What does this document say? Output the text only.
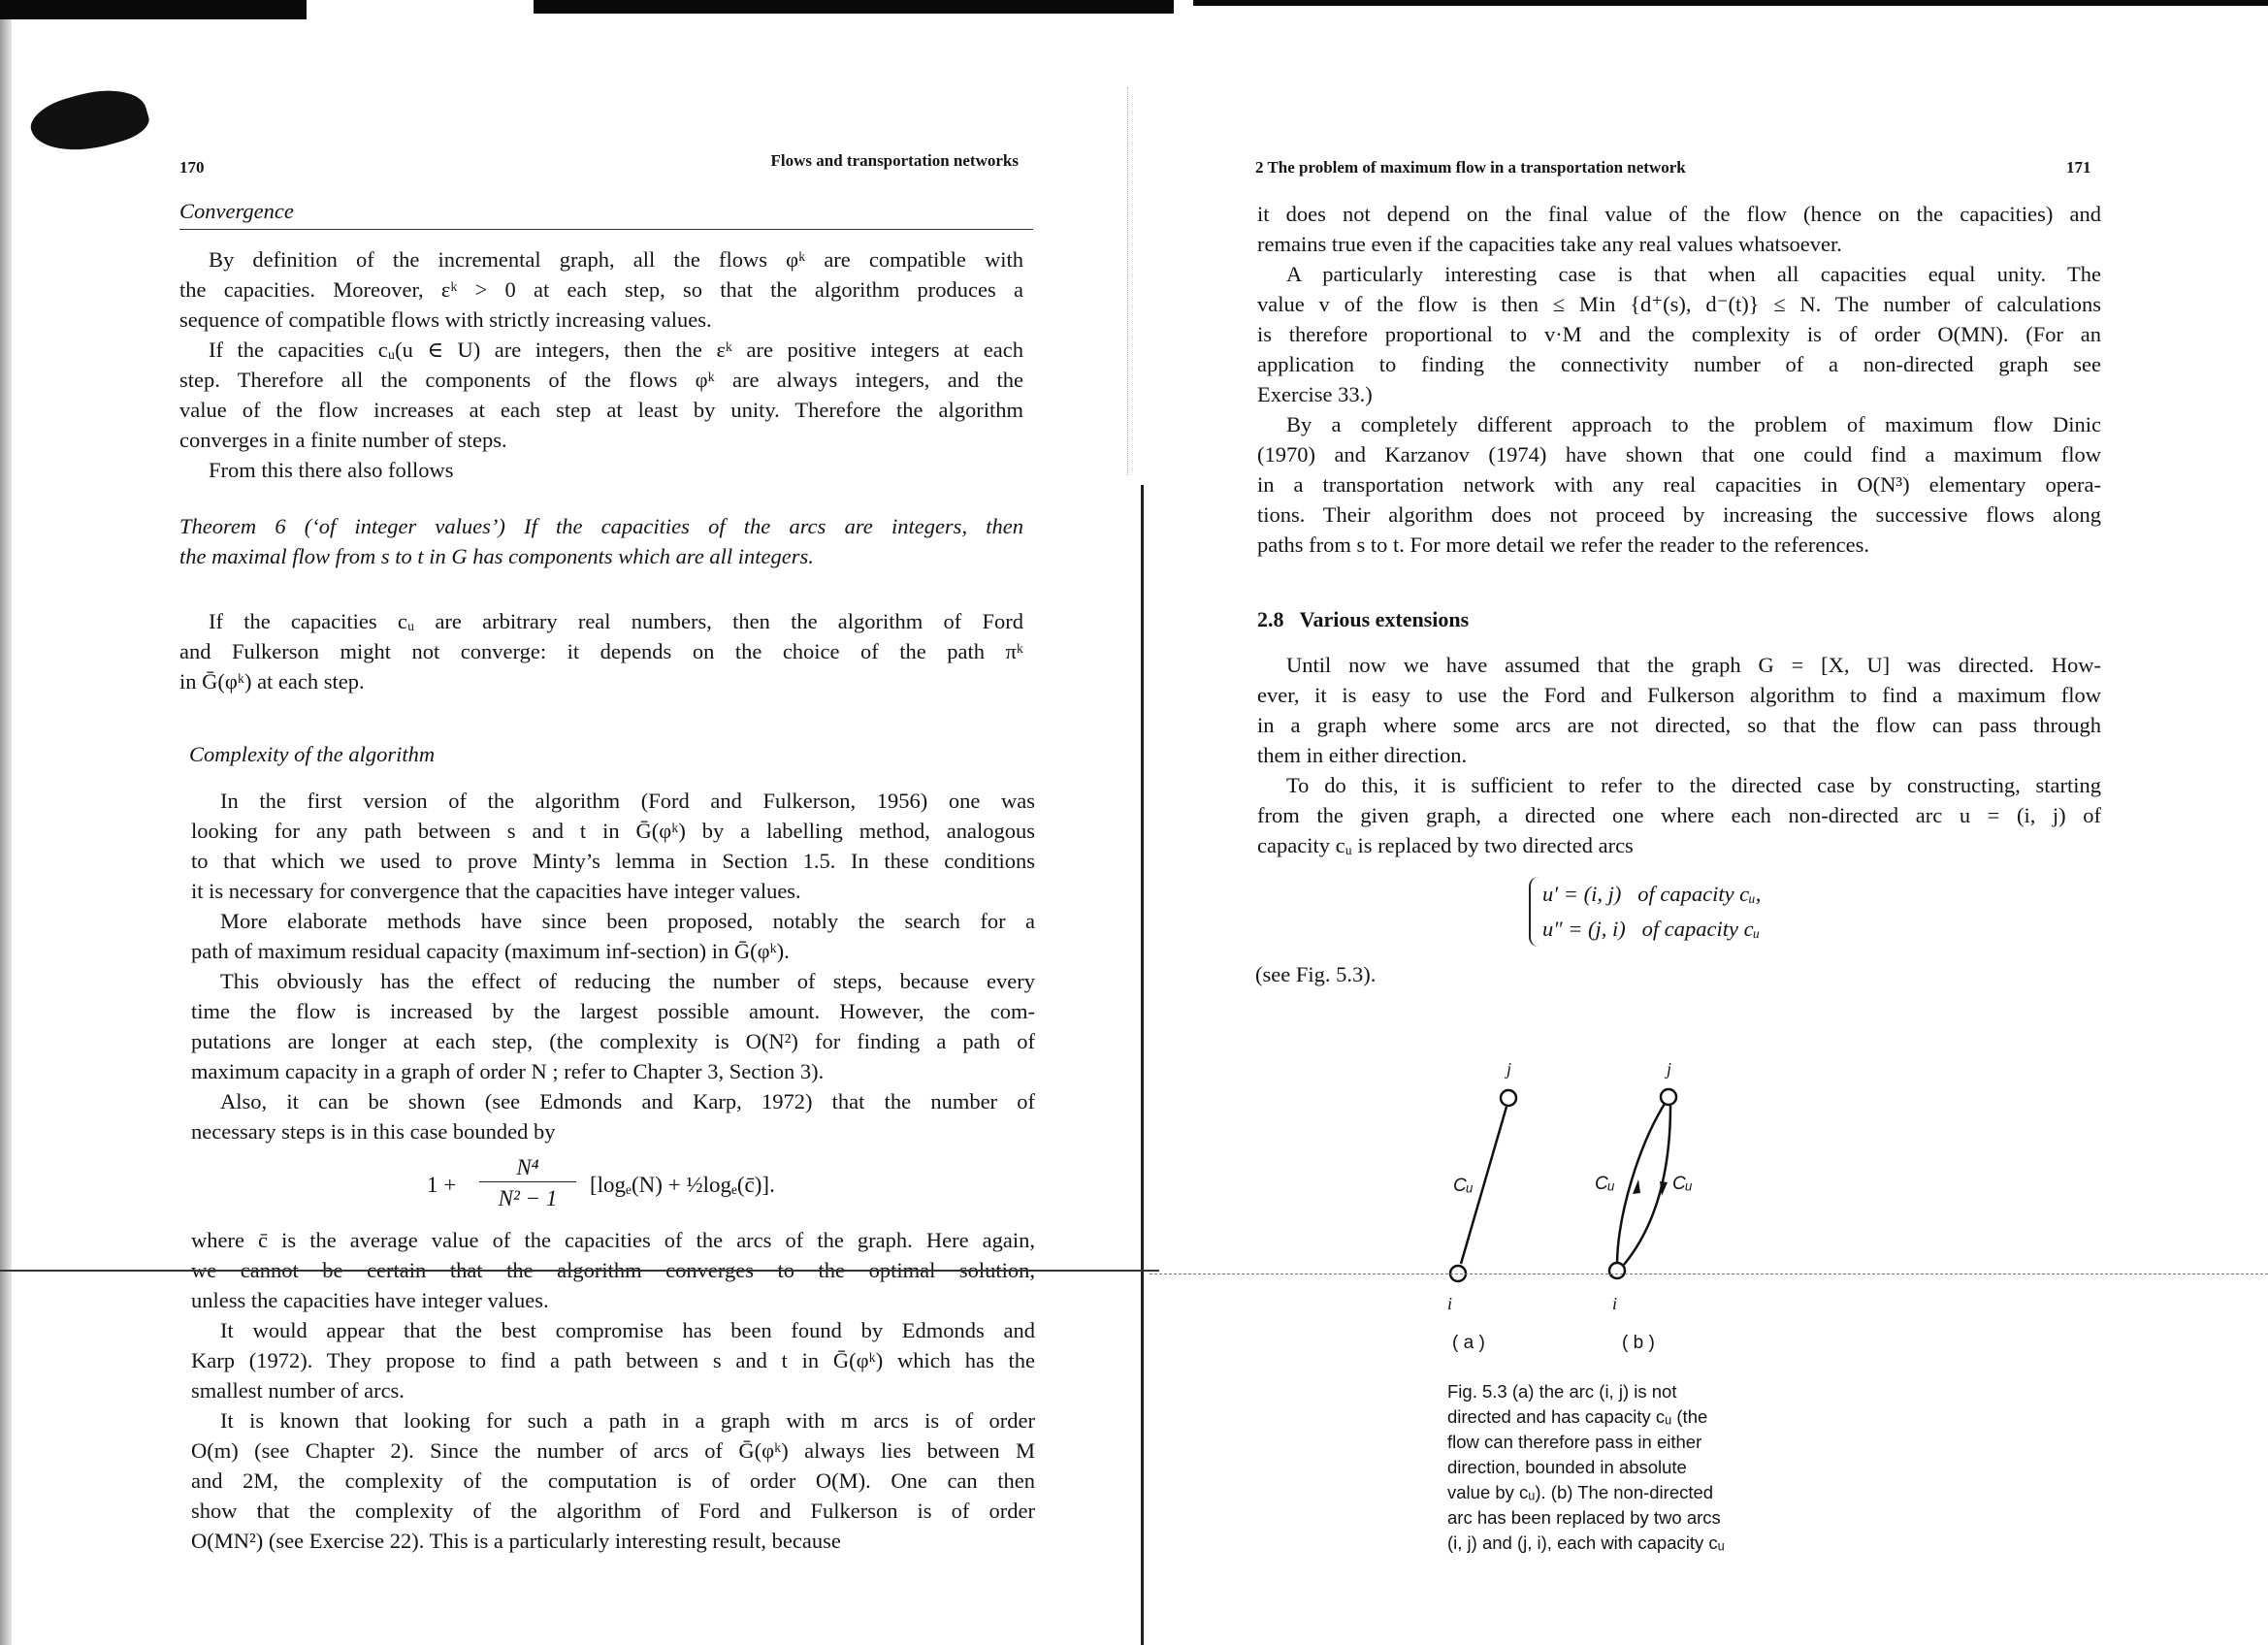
170	Flows and transportation networks
Convergence
By definition of the incremental graph, all the flows φᵏ are compatible with
the capacities. Moreover, εᵏ > 0 at each step, so that the algorithm produces a
sequence of compatible flows with strictly increasing values.
If the capacities cᵤ(u ∈ U) are integers, then the εᵏ are positive integers at each
step. Therefore all the components of the flows φᵏ are always integers, and the
value of the flow increases at each step at least by unity. Therefore the algorithm
converges in a finite number of steps.
From this there also follows
Theorem 6 (‘of integer values’) If the capacities of the arcs are integers, then
the maximal flow from s to t in G has components which are all integers.
If the capacities cᵤ are arbitrary real numbers, then the algorithm of Ford
and Fulkerson might not converge: it depends on the choice of the path πᵏ
in Ḡ(φᵏ) at each step.
Complexity of the algorithm
In the first version of the algorithm (Ford and Fulkerson, 1956) one was
looking for any path between s and t in Ḡ(φᵏ) by a labelling method, analogous
to that which we used to prove Minty’s lemma in Section 1.5. In these conditions
it is necessary for convergence that the capacities have integer values.
More elaborate methods have since been proposed, notably the search for a
path of maximum residual capacity (maximum inf-section) in Ḡ(φᵏ).
This obviously has the effect of reducing the number of steps, because every
time the flow is increased by the largest possible amount. However, the com-
putations are longer at each step, (the complexity is O(N²) for finding a path of
maximum capacity in a graph of order N ; refer to Chapter 3, Section 3).
Also, it can be shown (see Edmonds and Karp, 1972) that the number of
necessary steps is in this case bounded by
1 +
N⁴
N² − 1
[logₑ(N) + ½logₑ(c̄)].
where c̄ is the average value of the capacities of the arcs of the graph. Here again,
we cannot be certain that the algorithm converges to the optimal solution,
unless the capacities have integer values.
It would appear that the best compromise has been found by Edmonds and
Karp (1972). They propose to find a path between s and t in Ḡ(φᵏ) which has the
smallest number of arcs.
It is known that looking for such a path in a graph with m arcs is of order
O(m) (see Chapter 2). Since the number of arcs of Ḡ(φᵏ) always lies between M
and 2M, the complexity of the computation is of order O(M). One can then
show that the complexity of the algorithm of Ford and Fulkerson is of order
O(MN²) (see Exercise 22). This is a particularly interesting result, because
2 The problem of maximum flow in a transportation network	171
it does not depend on the final value of the flow (hence on the capacities) and
remains true even if the capacities take any real values whatsoever.
A particularly interesting case is that when all capacities equal unity. The
value v of the flow is then ≤ Min {d⁺(s), d⁻(t)} ≤ N. The number of calculations
is therefore proportional to v·M and the complexity is of order O(MN). (For an
application to finding the connectivity number of a non-directed graph see
Exercise 33.)
By a completely different approach to the problem of maximum flow Dinic
(1970) and Karzanov (1974) have shown that one could find a maximum flow
in a transportation network with any real capacities in O(N³) elementary opera-
tions. Their algorithm does not proceed by increasing the successive flows along
paths from s to t. For more detail we refer the reader to the references.
2.8   Various extensions
Until now we have assumed that the graph G = [X, U] was directed. How-
ever, it is easy to use the Ford and Fulkerson algorithm to find a maximum flow
in a graph where some arcs are not directed, so that the flow can pass through
them in either direction.
To do this, it is sufficient to refer to the directed case by constructing, starting
from the given graph, a directed one where each non-directed arc u = (i, j) of
capacity cᵤ is replaced by two directed arcs
u′ = (i, j)   of capacity cᵤ,
u″ = (j, i)   of capacity cᵤ
(see Fig. 5.3).
j
i
j
i
Cᵤ	Cᵤ	Cᵤ
( a )	( b )
Fig. 5.3 (a) the arc (i, j) is not
directed and has capacity cᵤ (the
flow can therefore pass in either
direction, bounded in absolute
value by cᵤ). (b) The non-directed
arc has been replaced by two arcs
(i, j) and (j, i), each with capacity cᵤ
